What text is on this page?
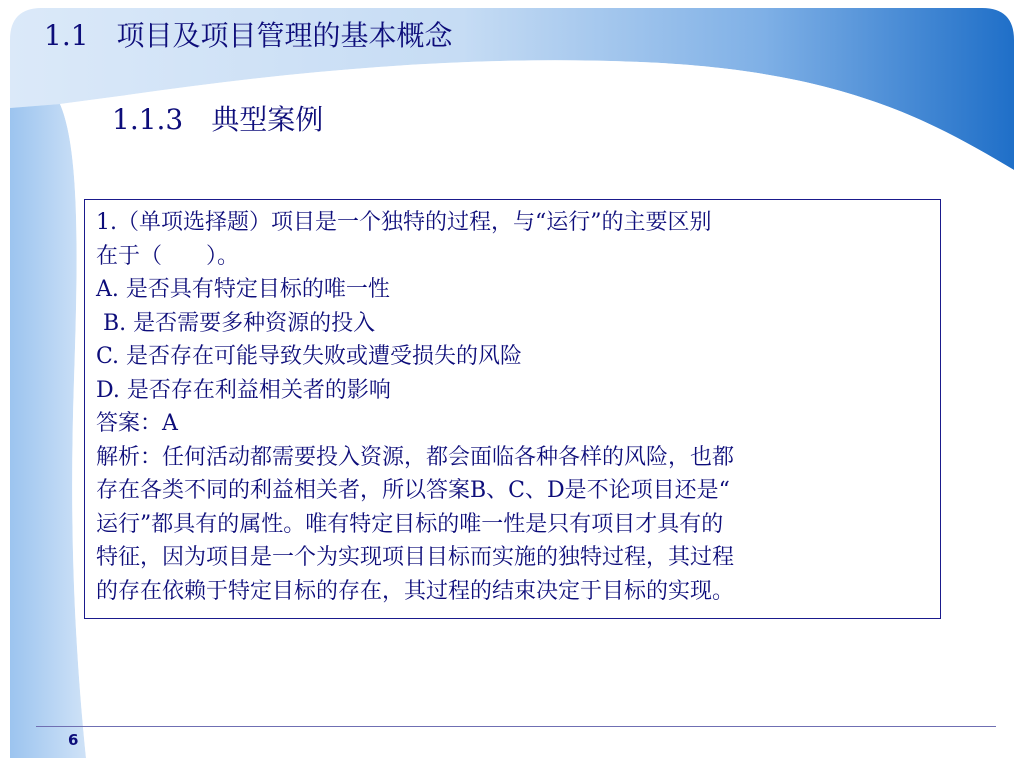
1.1　项目及项目管理的基本概念
1.1.3　典型案例

1.（单项选择题）项目是一个独特的过程，与“运行”的主要区别

在于（　　）。

A. 是否具有特定目标的唯一性

B. 是否需要多种资源的投入

C. 是否存在可能导致失败或遭受损失的风险

D. 是否存在利益相关者的影响

答案：A

解析：任何活动都需要投入资源，都会面临各种各样的风险，也都

存在各类不同的利益相关者，所以答案B、C、D是不论项目还是“

运行”都具有的属性。唯有特定目标的唯一性是只有项目才具有的

特征，因为项目是一个为实现项目目标而实施的独特过程，其过程

的存在依赖于特定目标的存在，其过程的结束决定于目标的实现。

6
